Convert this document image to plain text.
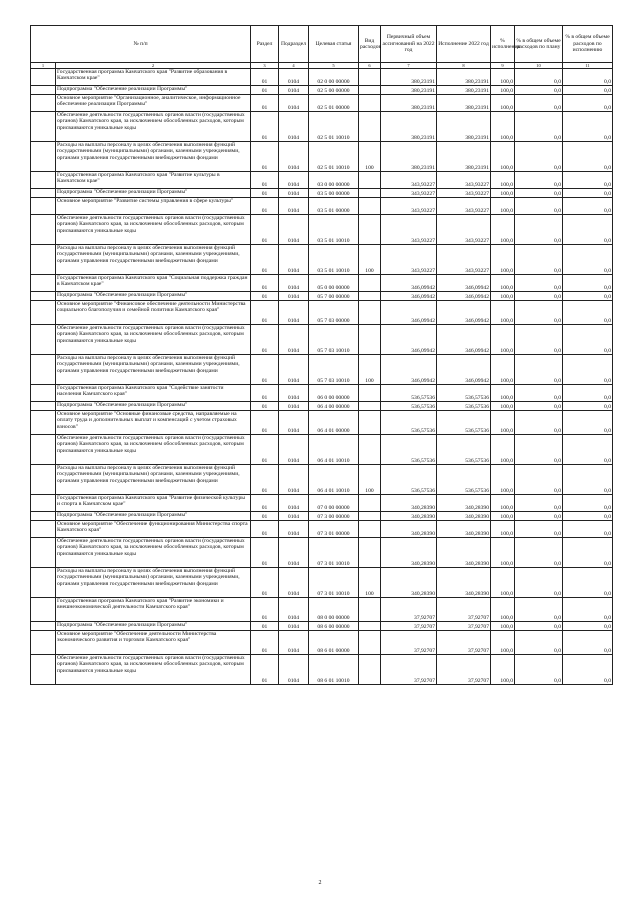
№ п/п		Раздел	Подраздел	Целевая статья	Вид расходов	Первичный объем ассигнований на 2022 год	Исполнение 2022 год	% исполнения	% в общем объеме расходов по плану	% в общем объеме расходов по исполнению
1	2	3	4	5	6	7	8	9	10	11
	Государственная программа Камчатского края "Развитие образования в Камчатском крае"	01	0104	02 0 00 00000		380,23191	380,23191	100,0	0,0	0,0
	Подпрограмма "Обеспечение реализации Программы"	01	0104	02 5 00 00000		380,23191	380,23191	100,0	0,0	0,0
	Основное мероприятие "Организационное, аналитическое, информационное обеспечение реализации Программы"	01	0104	02 5 01 00000		380,23191	380,23191	100,0	0,0	0,0
	Обеспечение деятельности государственных органов власти (государственных органов) Камчатского края, за исключением обособленных расходов, которым присваиваются уникальные коды	01	0104	02 5 01 10010		380,23191	380,23191	100,0	0,0	0,0
	Расходы на выплаты персоналу в целях обеспечения выполнения функций государственными (муниципальными) органами, казенными учреждениями, органами управления государственными внебюджетными фондами	01	0104	02 5 01 10010	100	380,23191	380,23191	100,0	0,0	0,0
	Государственная программа Камчатского края "Развитие культуры в Камчатском крае"	01	0104	03 0 00 00000		343,93227	343,93227	100,0	0,0	0,0
	Подпрограмма "Обеспечение реализации Программы"	01	0104	03 5 00 00000		343,93227	343,93227	100,0	0,0	0,0
	Основное мероприятие "Развитие системы управления в сфере культуры"	01	0104	03 5 01 00000		343,93227	343,93227	100,0	0,0	0,0
	Обеспечение деятельности государственных органов власти (государственных органов) Камчатского края, за исключением обособленных расходов, которым присваиваются уникальные коды	01	0104	03 5 01 10010		343,93227	343,93227	100,0	0,0	0,0
	Расходы на выплаты персоналу в целях обеспечения выполнения функций государственными (муниципальными) органами, казенными учреждениями, органами управления государственными внебюджетными фондами	01	0104	03 5 01 10010	100	343,93227	343,93227	100,0	0,0	0,0
	Государственная программа Камчатского края "Социальная поддержка граждан в Камчатском крае"	01	0104	05 0 00 00000		346,09942	346,09942	100,0	0,0	0,0
	Подпрограмма "Обеспечение реализации Программы"	01	0104	05 7 00 00000		346,09942	346,09942	100,0	0,0	0,0
	Основное мероприятие "Финансовое обеспечение деятельности Министерства социального благополучия и семейной политики Камчатского края"	01	0104	05 7 03 00000		346,09942	346,09942	100,0	0,0	0,0
	Обеспечение деятельности государственных органов власти (государственных органов) Камчатского края, за исключением обособленных расходов, которым присваиваются уникальные коды	01	0104	05 7 03 10010		346,09942	346,09942	100,0	0,0	0,0
	Расходы на выплаты персоналу в целях обеспечения выполнения функций государственными (муниципальными) органами, казенными учреждениями, органами управления государственными внебюджетными фондами	01	0104	05 7 03 10010	100	346,09942	346,09942	100,0	0,0	0,0
	Государственная программа Камчатского края "Содействие занятости населения Камчатского края"	01	0104	06 0 00 00000		536,57536	536,57536	100,0	0,0	0,0
	Подпрограмма "Обеспечение реализации Программы"	01	0104	06 4 00 00000		536,57536	536,57536	100,0	0,0	0,0
	Основное мероприятие "Основные финансовые средства, направляемые на оплату труда и дополнительных выплат и компенсаций с учетом страховых взносов"	01	0104	06 4 01 00000		536,57536	536,57536	100,0	0,0	0,0
	Обеспечение деятельности государственных органов власти (государственных органов) Камчатского края, за исключением обособленных расходов, которым присваиваются уникальные коды	01	0104	06 4 01 10010		536,57536	536,57536	100,0	0,0	0,0
	Расходы на выплаты персоналу в целях обеспечения выполнения функций государственными (муниципальными) органами, казенными учреждениями, органами управления государственными внебюджетными фондами	01	0104	06 4 01 10010	100	536,57536	536,57536	100,0	0,0	0,0
	Государственная программа Камчатского края "Развитие физической культуры и спорта в Камчатском крае"	01	0104	07 0 00 00000		340,28390	340,28390	100,0	0,0	0,0
	Подпрограмма "Обеспечение реализации Программы"	01	0104	07 3 00 00000		340,28390	340,28390	100,0	0,0	0,0
	Основное мероприятие "Обеспечение функционирования Министерства спорта Камчатского края"	01	0104	07 3 01 00000		340,28390	340,28390	100,0	0,0	0,0
	Обеспечение деятельности государственных органов власти (государственных органов) Камчатского края, за исключением обособленных расходов, которым присваиваются уникальные коды	01	0104	07 3 01 10010		340,28390	340,28390	100,0	0,0	0,0
	Расходы на выплаты персоналу в целях обеспечения выполнения функций государственными (муниципальными) органами, казенными учреждениями, органами управления государственными внебюджетными фондами	01	0104	07 3 01 10010	100	340,28390	340,28390	100,0	0,0	0,0
	Государственная программа Камчатского края "Развитие экономики и внешнеэкономической деятельности Камчатского края"	01	0104	08 0 00 00000		37,92707	37,92707	100,0	0,0	0,0
	Подпрограмма "Обеспечение реализации Программы"	01	0104	08 6 00 00000		37,92707	37,92707	100,0	0,0	0,0
	Основное мероприятие "Обеспечение деятельности Министерства экономического развития и торговли Камчатского края"	01	0104	08 6 01 00000		37,92707	37,92707	100,0	0,0	0,0
	Обеспечение деятельности государственных органов власти (государственных органов) Камчатского края, за исключением обособленных расходов, которым присваиваются уникальные коды	01	0104	08 6 01 10010		37,92707	37,92707	100,0	0,0	0,0
2
